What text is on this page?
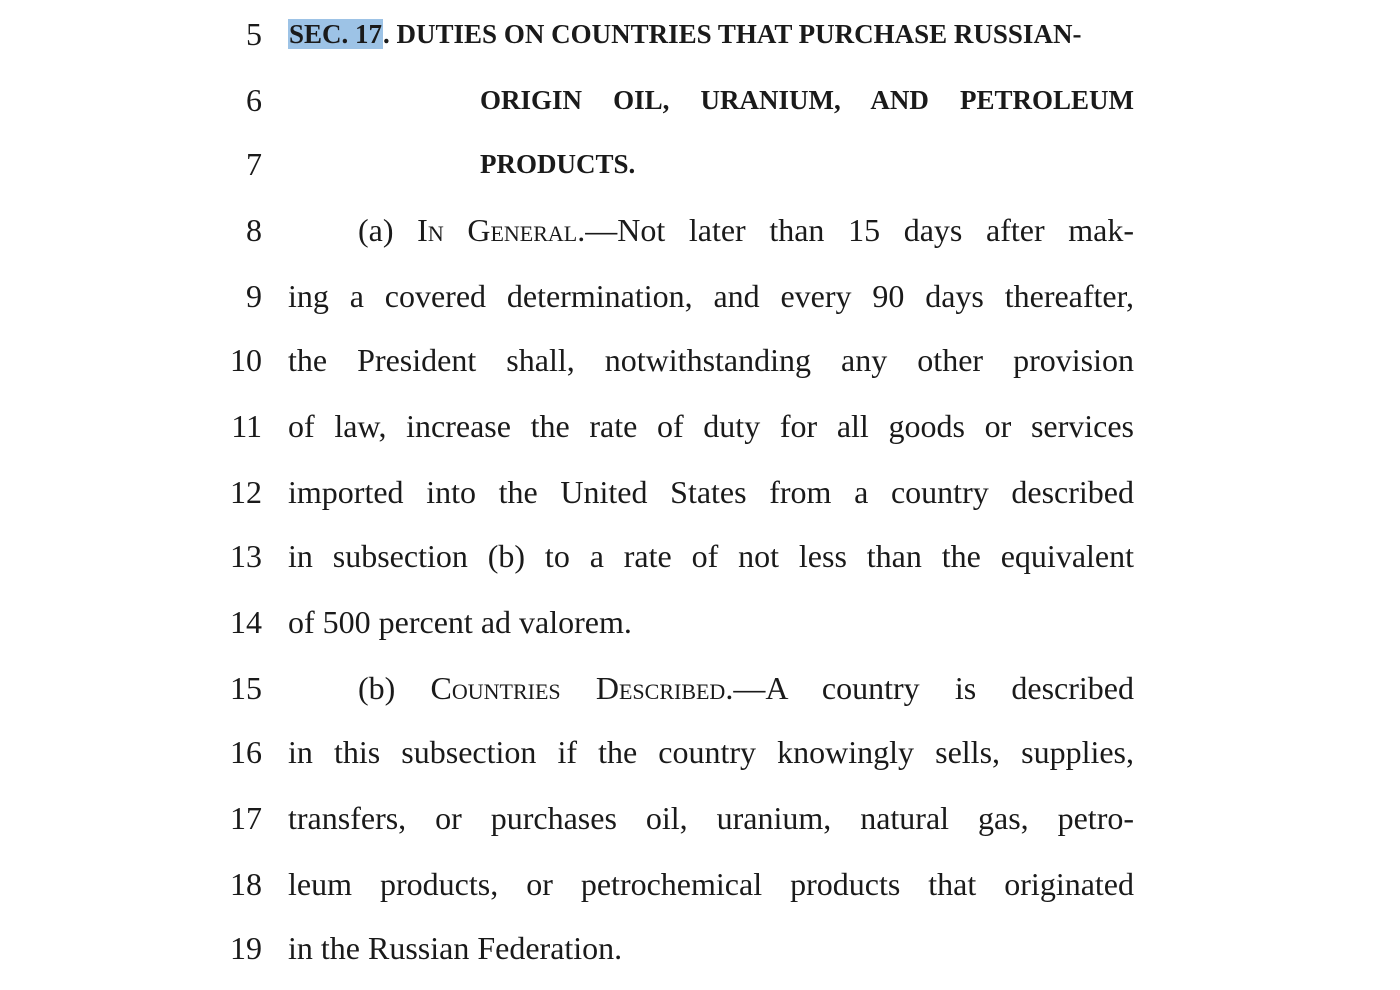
5 SEC. 17. DUTIES ON COUNTRIES THAT PURCHASE RUSSIAN-
6	ORIGIN OIL, URANIUM, AND PETROLEUM
7	PRODUCTS.
8	(a) In General.—Not later than 15 days after mak-
9 ing a covered determination, and every 90 days thereafter,
10 the President shall, notwithstanding any other provision
11 of law, increase the rate of duty for all goods or services
12 imported into the United States from a country described
13 in subsection (b) to a rate of not less than the equivalent
14 of 500 percent ad valorem.
15	(b) Countries Described.—A country is described
16 in this subsection if the country knowingly sells, supplies,
17 transfers, or purchases oil, uranium, natural gas, petro-
18 leum products, or petrochemical products that originated
19 in the Russian Federation.
